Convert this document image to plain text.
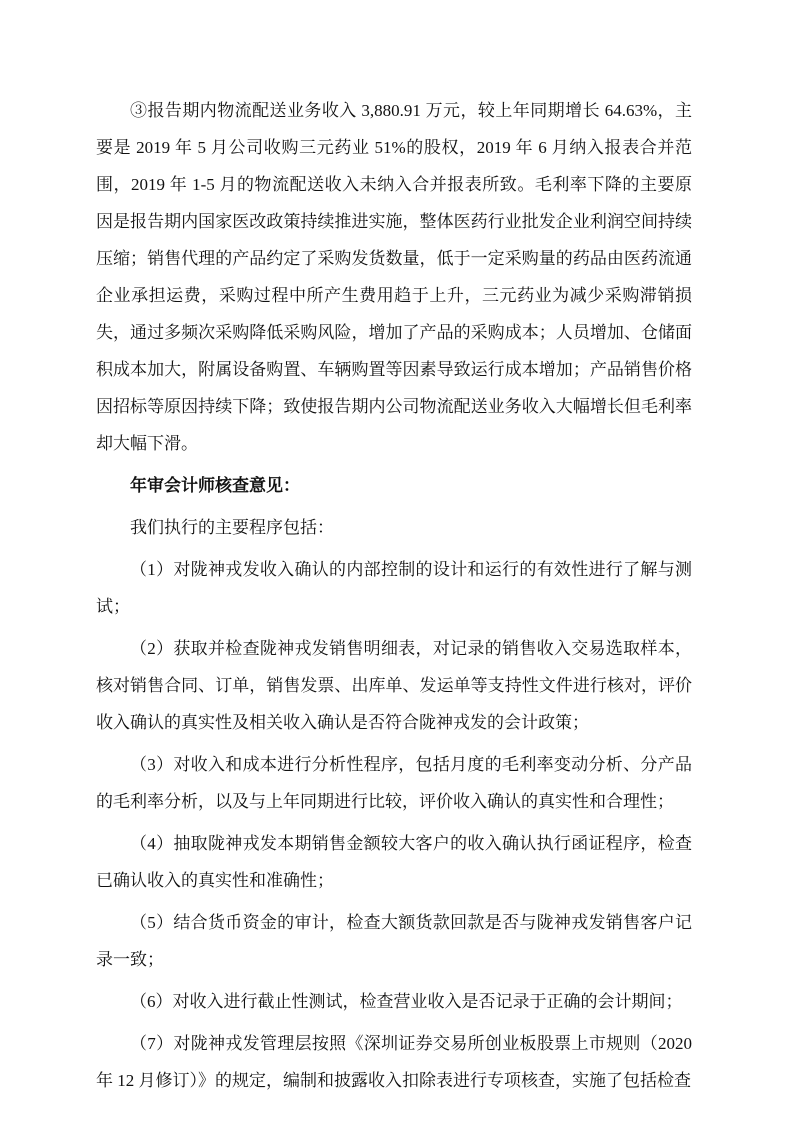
③报告期内物流配送业务收入 3,880.91 万元，较上年同期增长 64.63%，主要是 2019 年 5 月公司收购三元药业 51%的股权，2019 年 6 月纳入报表合并范围，2019 年 1-5 月的物流配送收入未纳入合并报表所致。毛利率下降的主要原因是报告期内国家医改政策持续推进实施，整体医药行业批发企业利润空间持续压缩；销售代理的产品约定了采购发货数量，低于一定采购量的药品由医药流通企业承担运费，采购过程中所产生费用趋于上升，三元药业为减少采购滞销损失，通过多频次采购降低采购风险，增加了产品的采购成本；人员增加、仓储面积成本加大，附属设备购置、车辆购置等因素导致运行成本增加；产品销售价格因招标等原因持续下降；致使报告期内公司物流配送业务收入大幅增长但毛利率却大幅下滑。

年审会计师核查意见：

我们执行的主要程序包括：

（1）对陇神戎发收入确认的内部控制的设计和运行的有效性进行了解与测试；

（2）获取并检查陇神戎发销售明细表，对记录的销售收入交易选取样本，核对销售合同、订单，销售发票、出库单、发运单等支持性文件进行核对，评价收入确认的真实性及相关收入确认是否符合陇神戎发的会计政策；

（3）对收入和成本进行分析性程序，包括月度的毛利率变动分析、分产品的毛利率分析，以及与上年同期进行比较，评价收入确认的真实性和合理性；

（4）抽取陇神戎发本期销售金额较大客户的收入确认执行函证程序，检查已确认收入的真实性和准确性；

（5）结合货币资金的审计，检查大额货款回款是否与陇神戎发销售客户记录一致；

（6）对收入进行截止性测试，检查营业收入是否记录于正确的会计期间；

（7）对陇神戎发管理层按照《深圳证券交易所创业板股票上市规则（2020 年 12 月修订）》的规定，编制和披露收入扣除表进行专项核查，实施了包括检查
